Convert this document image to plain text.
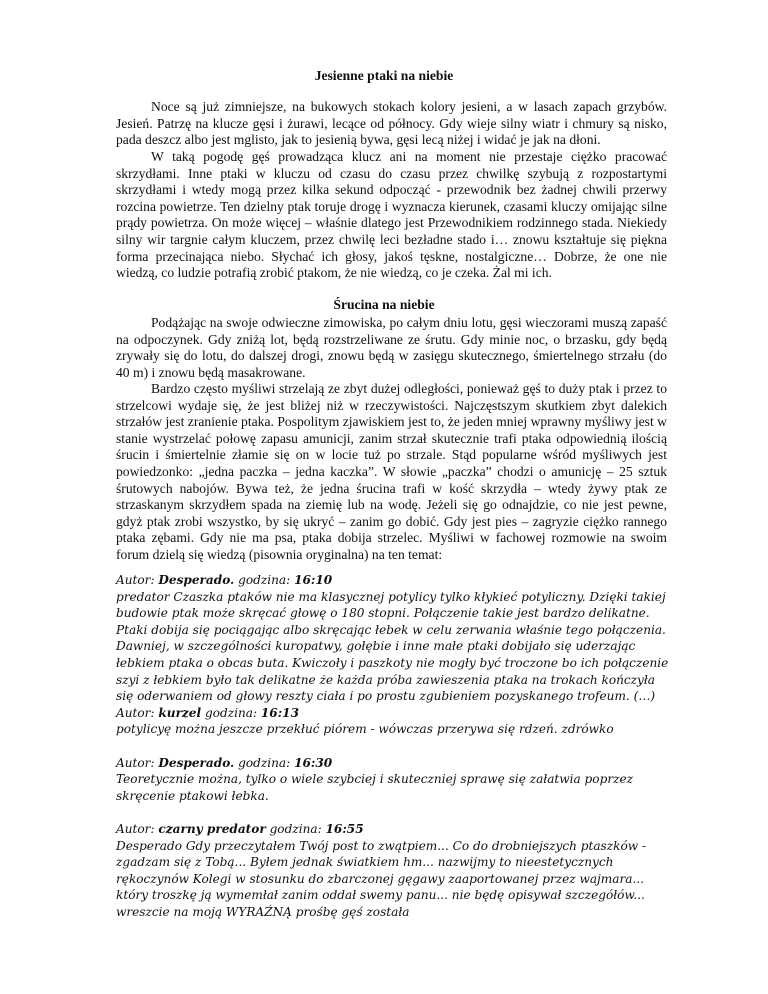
Jesienne ptaki na niebie
Noce są już zimniejsze, na bukowych stokach kolory jesieni, a w lasach zapach grzybów. Jesień. Patrzę na klucze gęsi i żurawi, lecące od północy. Gdy wieje silny wiatr i chmury są nisko, pada deszcz albo jest mglisto, jak to jesienią bywa, gęsi lecą niżej i widać je jak na dłoni.
W taką pogodę gęś prowadząca klucz ani na moment nie przestaje ciężko pracować skrzydłami. Inne ptaki w kluczu od czasu do czasu przez chwilkę szybują z rozpostartymi skrzydłami i wtedy mogą przez kilka sekund odpocząć - przewodnik bez żadnej chwili przerwy rozcina powietrze. Ten dzielny ptak toruje drogę i wyznacza kierunek, czasami kluczy omijając silne prądy powietrza. On może więcej – właśnie dlatego jest Przewodnikiem rodzinnego stada. Niekiedy silny wir targnie całym kluczem, przez chwilę leci bezładne stado i… znowu kształtuje się piękna forma przecinająca niebo. Słychać ich głosy, jakoś tęskne, nostalgiczne… Dobrze, że one nie wiedzą, co ludzie potrafią zrobić ptakom, że nie wiedzą, co je czeka. Żal mi ich.
Śrucina na niebie
Podążając na swoje odwieczne zimowiska, po całym dniu lotu, gęsi wieczorami muszą zapaść na odpoczynek. Gdy zniżą lot, będą rozstrzeliwane ze śrutu. Gdy minie noc, o brzasku, gdy będą zrywały się do lotu, do dalszej drogi, znowu będą w zasięgu skutecznego, śmiertelnego strzału (do 40 m) i znowu będą masakrowane.
Bardzo często myśliwi strzelają ze zbyt dużej odległości, ponieważ gęś to duży ptak i przez to strzelcowi wydaje się, że jest bliżej niż w rzeczywistości. Najczęstszym skutkiem zbyt dalekich strzałów jest zranienie ptaka. Pospolitym zjawiskiem jest to, że jeden mniej wprawny myśliwy jest w stanie wystrzelać połowę zapasu amunicji, zanim strzał skutecznie trafi ptaka odpowiednią ilością śrucin i śmiertelnie złamie się on w locie tuż po strzale. Stąd popularne wśród myśliwych jest powiedzonko: „jedna paczka – jedna kaczka”. W słowie „paczka” chodzi o amunicję – 25 sztuk śrutowych nabojów. Bywa też, że jedna śrucina trafi w kość skrzydła – wtedy żywy ptak ze strzaskanym skrzydłem spada na ziemię lub na wodę. Jeżeli się go odnajdzie, co nie jest pewne, gdyż ptak zrobi wszystko, by się ukryć – zanim go dobić. Gdy jest pies – zagryzie ciężko rannego ptaka zębami. Gdy nie ma psa, ptaka dobija strzelec. Myśliwi w fachowej rozmowie na swoim forum dzielą się wiedzą (pisownia oryginalna) na ten temat:

Autor: Desperado. godzina: 16:10

predator Czaszka ptaków nie ma klasycznej potylicy tylko kłykieć potyliczny. Dzięki takiej budowie ptak może skręcać głowę o 180 stopni. Połączenie takie jest bardzo delikatne. Ptaki dobija się pociągając albo skręcając łebek w celu zerwania właśnie tego połączenia. Dawniej, w szczególności kuropatwy, gołębie i inne małe ptaki dobijało się uderzając łebkiem ptaka o obcas buta. Kwiczoły i paszkoty nie mogły być troczone bo ich połączenie szyi z łebkiem było tak delikatne że każda próba zawieszenia ptaka na trokach kończyła się oderwaniem od głowy reszty ciała i po prostu zgubieniem pozyskanego trofeum. (…)

Autor: kurzel godzina: 16:13

potylicyę można jeszcze przekłuć piórem - wówczas przerywa się rdzeń. zdrówko

Autor: Desperado. godzina: 16:30

Teoretycznie można, tylko o wiele szybciej i skuteczniej sprawę się załatwia poprzez skręcenie ptakowi łebka.

Autor: czarny predator godzina: 16:55

Desperado Gdy przeczytałem Twój post to zwątpiem... Co do drobniejszych ptaszków - zgadzam się z Tobą... Byłem jednak światkiem hm... nazwijmy to nieestetycznych rękoczynów Kolegi w stosunku do zbarczonej gęgawy zaaportowanej przez wajmara... który troszkę ją wymemłał zanim oddał swemy panu... nie będę opisywał szczegółów... wreszcie na moją WYRAŹNĄ prośbę gęś została
